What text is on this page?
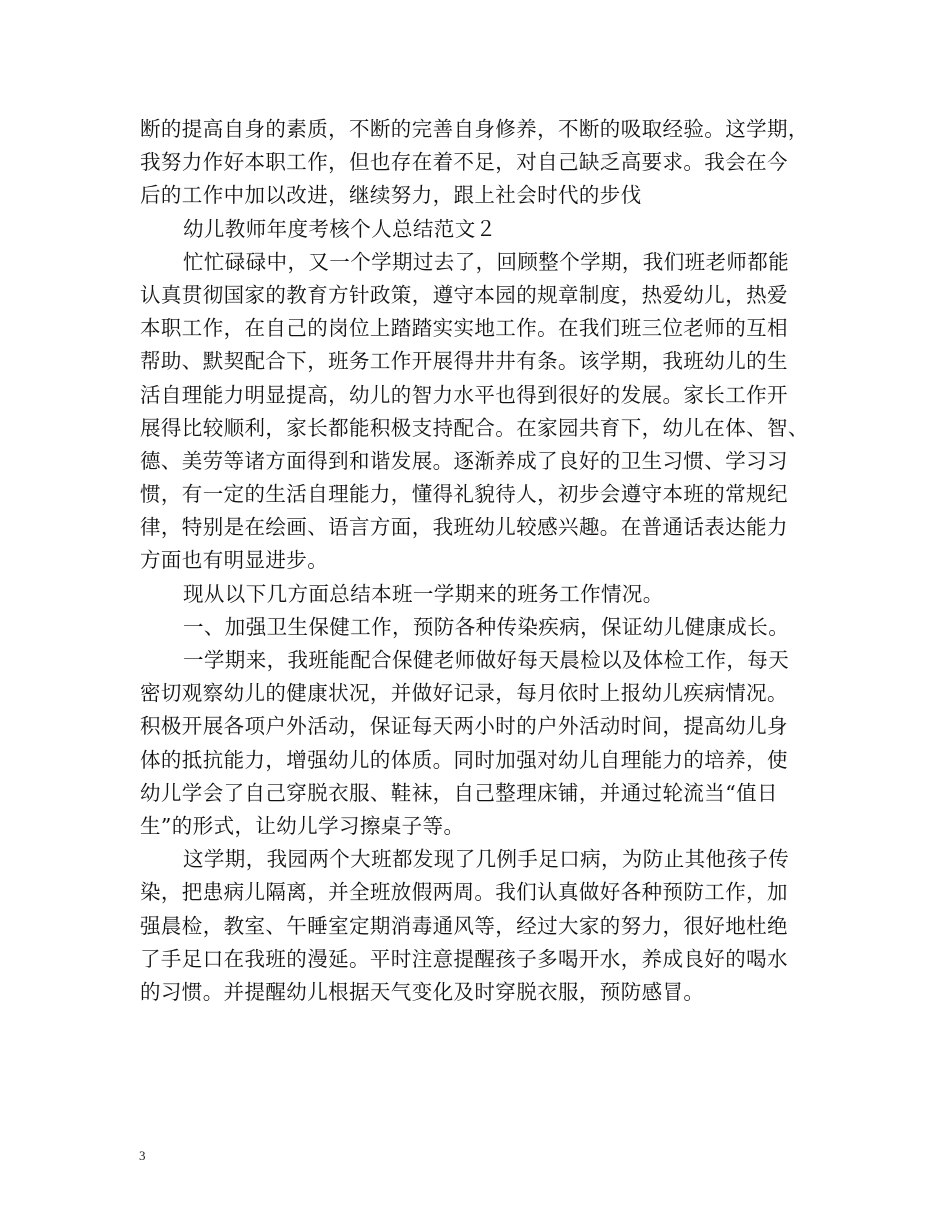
断的提高自身的素质，不断的完善自身修养，不断的吸取经验。这学期，
我努力作好本职工作，但也存在着不足，对自己缺乏高要求。我会在今
后的工作中加以改进，继续努力，跟上社会时代的步伐
幼儿教师年度考核个人总结范文２
忙忙碌碌中，又一个学期过去了，回顾整个学期，我们班老师都能
认真贯彻国家的教育方针政策，遵守本园的规章制度，热爱幼儿，热爱
本职工作，在自己的岗位上踏踏实实地工作。在我们班三位老师的互相
帮助、默契配合下，班务工作开展得井井有条。该学期，我班幼儿的生
活自理能力明显提高，幼儿的智力水平也得到很好的发展。家长工作开
展得比较顺利，家长都能积极支持配合。在家园共育下，幼儿在体、智、
德、美劳等诸方面得到和谐发展。逐渐养成了良好的卫生习惯、学习习
惯，有一定的生活自理能力，懂得礼貌待人，初步会遵守本班的常规纪
律，特别是在绘画、语言方面，我班幼儿较感兴趣。在普通话表达能力
方面也有明显进步。
现从以下几方面总结本班一学期来的班务工作情况。
一、加强卫生保健工作，预防各种传染疾病，保证幼儿健康成长。
一学期来，我班能配合保健老师做好每天晨检以及体检工作，每天
密切观察幼儿的健康状况，并做好记录，每月依时上报幼儿疾病情况。
积极开展各项户外活动，保证每天两小时的户外活动时间，提高幼儿身
体的抵抗能力，增强幼儿的体质。同时加强对幼儿自理能力的培养，使
幼儿学会了自己穿脱衣服、鞋袜，自己整理床铺，并通过轮流当“值日
生”的形式，让幼儿学习擦桌子等。
这学期，我园两个大班都发现了几例手足口病，为防止其他孩子传
染，把患病儿隔离，并全班放假两周。我们认真做好各种预防工作，加
强晨检，教室、午睡室定期消毒通风等，经过大家的努力，很好地杜绝
了手足口在我班的漫延。平时注意提醒孩子多喝开水，养成良好的喝水
的习惯。并提醒幼儿根据天气变化及时穿脱衣服，预防感冒。
3
